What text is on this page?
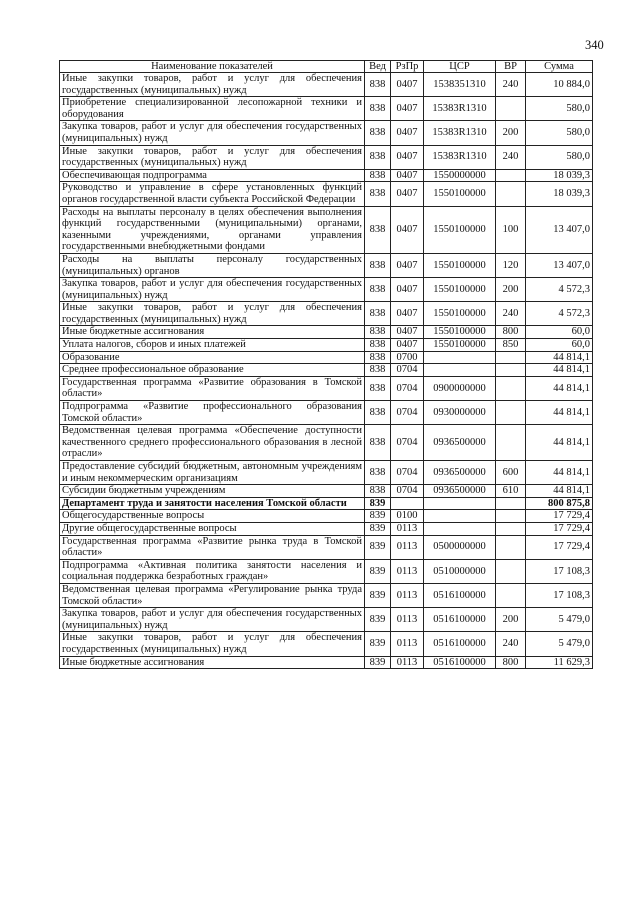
340
Наименование показателей	Вед	РзПр	ЦСР	ВР	Сумма
Иные закупки товаров, работ и услуг для обеспечения государственных (муниципальных) нужд	838	0407	1538351310	240	10 884,0
Приобретение специализированной лесопожарной техники и оборудования	838	0407	15383R1310		580,0
Закупка товаров, работ и услуг для обеспечения государственных (муниципальных) нужд	838	0407	15383R1310	200	580,0
Иные закупки товаров, работ и услуг для обеспечения государственных (муниципальных) нужд	838	0407	15383R1310	240	580,0
Обеспечивающая подпрограмма	838	0407	1550000000		18 039,3
Руководство и управление в сфере установленных функций органов государственной власти субъекта Российской Федерации	838	0407	1550100000		18 039,3
Расходы на выплаты персоналу в целях обеспечения выполнения функций государственными (муниципальными) органами, казенными учреждениями, органами управления государственными внебюджетными фондами	838	0407	1550100000	100	13 407,0
Расходы на выплаты персоналу государственных (муниципальных) органов	838	0407	1550100000	120	13 407,0
Закупка товаров, работ и услуг для обеспечения государственных (муниципальных) нужд	838	0407	1550100000	200	4 572,3
Иные закупки товаров, работ и услуг для обеспечения государственных (муниципальных) нужд	838	0407	1550100000	240	4 572,3
Иные бюджетные ассигнования	838	0407	1550100000	800	60,0
Уплата налогов, сборов и иных платежей	838	0407	1550100000	850	60,0
Образование	838	0700			44 814,1
Среднее профессиональное образование	838	0704			44 814,1
Государственная программа «Развитие образования в Томской области»	838	0704	0900000000		44 814,1
Подпрограмма «Развитие профессионального образования Томской области»	838	0704	0930000000		44 814,1
Ведомственная целевая программа «Обеспечение доступности качественного среднего профессионального образования в лесной отрасли»	838	0704	0936500000		44 814,1
Предоставление субсидий бюджетным, автономным учреждениям и иным некоммерческим организациям	838	0704	0936500000	600	44 814,1
Субсидии бюджетным учреждениям	838	0704	0936500000	610	44 814,1
Департамент труда и занятости населения Томской области	839				800 875,8
Общегосударственные вопросы	839	0100			17 729,4
Другие общегосударственные вопросы	839	0113			17 729,4
Государственная программа «Развитие рынка труда в Томской области»	839	0113	0500000000		17 729,4
Подпрограмма «Активная политика занятости населения и социальная поддержка безработных граждан»	839	0113	0510000000		17 108,3
Ведомственная целевая программа «Регулирование рынка труда Томской области»	839	0113	0516100000		17 108,3
Закупка товаров, работ и услуг для обеспечения государственных (муниципальных) нужд	839	0113	0516100000	200	5 479,0
Иные закупки товаров, работ и услуг для обеспечения государственных (муниципальных) нужд	839	0113	0516100000	240	5 479,0
Иные бюджетные ассигнования	839	0113	0516100000	800	11 629,3
